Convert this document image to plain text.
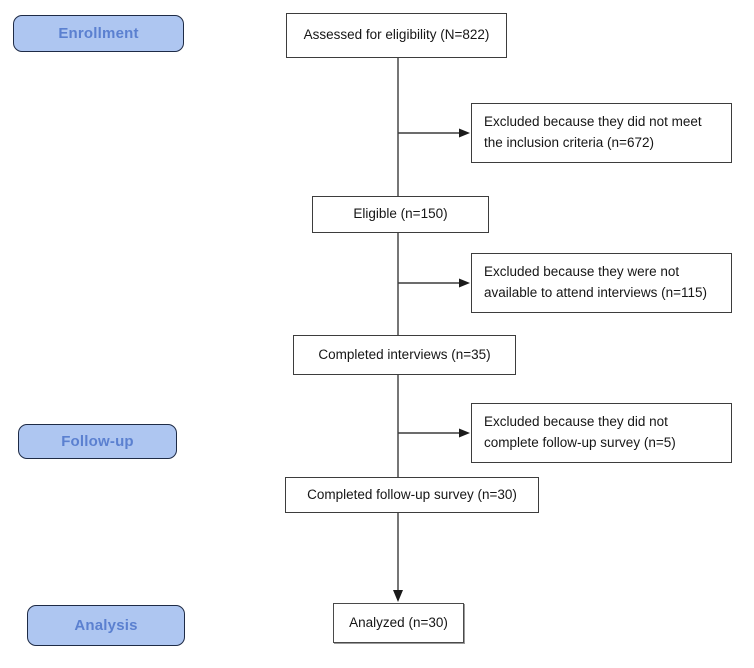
Enrollment
Follow-up
Analysis
Assessed for eligibility (N=822)
Excluded because they did not meet
the inclusion criteria (n=672)
Eligible (n=150)
Excluded because they were not
available to attend interviews (n=115)
Completed interviews (n=35)
Excluded because they did not
complete follow-up survey (n=5)
Completed follow-up survey (n=30)
Analyzed (n=30)
